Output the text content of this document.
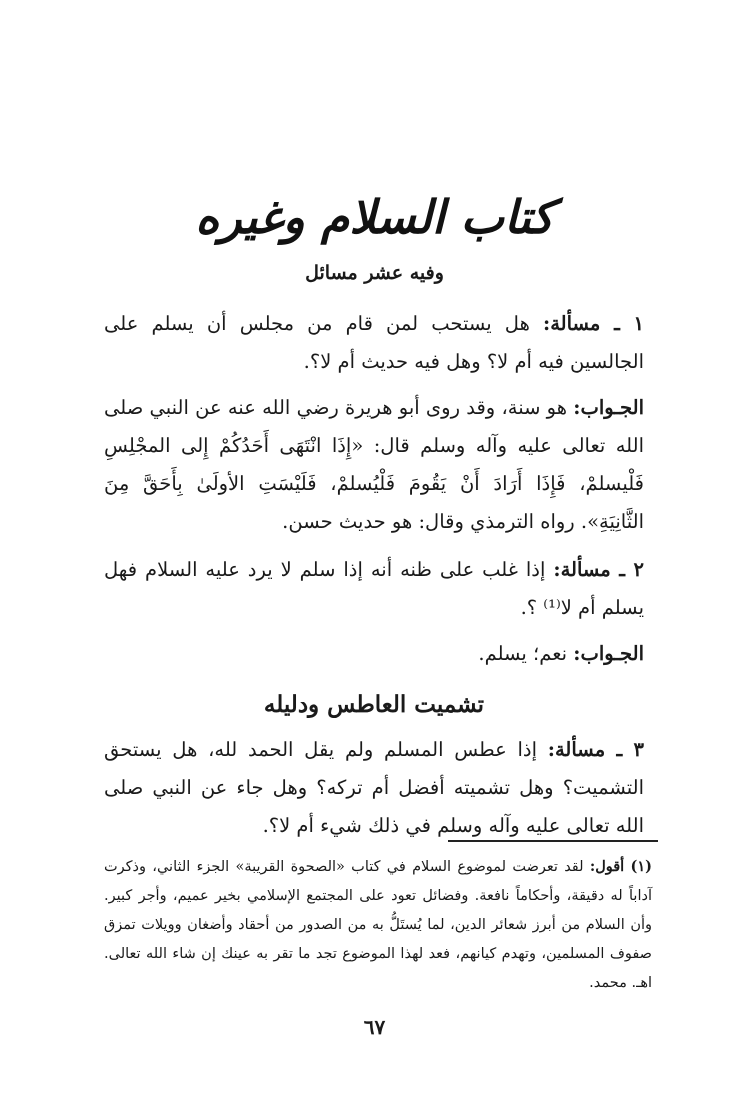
كتاب السلام وغيره
وفيه عشر مسائل

١ ـ مسألة: هل يستحب لمن قام من مجلس أن يسلم على الجالسين فيه أم لا؟ وهل فيه حديث أم لا؟.

الجـواب: هو سنة، وقد روى أبو هريرة رضي الله عنه عن النبي صلى الله تعالى عليه وآله وسلم قال: «إِذَا انْتَهَى أَحَدُكُمْ إِلى المجْلِسِ فَلْيسلمْ، فَإِذَا أَرَادَ أَنْ يَقُومَ فَلْيُسلمْ، فَلَيْسَتِ الأولَىٰ بِأَحَقَّ مِنَ الثَّانِيَةِ». رواه الترمذي وقال: هو حديث حسن.

٢ ـ مسألة: إذا غلب على ظنه أنه إذا سلم لا يرد عليه السلام فهل يسلم أم لا⁽¹⁾ ؟.

الجـواب: نعم؛ يسلم.

تشميت العاطس ودليله

٣ ـ مسألة: إذا عطس المسلم ولم يقل الحمد لله، هل يستحق التشميت؟ وهل تشميته أفضل أم تركه؟ وهل جاء عن النبي صلى الله تعالى عليه وآله وسلم في ذلك شيء أم لا؟.

(١) أقول: لقد تعرضت لموضوع السلام في كتاب «الصحوة القريبة» الجزء الثاني، وذكرت آداباً له دقيقة، وأحكاماً نافعة. وفضائل تعود على المجتمع الإسلامي بخير عميم، وأجر كبير. وأن السلام من أبرز شعائر الدين، لما يُستَلُّ به من الصدور من أحقاد وأضغان وويلات تمزق صفوف المسلمين، وتهدم كيانهم، فعد لهذا الموضوع تجد ما تقر به عينك إن شاء الله تعالى. اهـ. محمد.

٦٧
